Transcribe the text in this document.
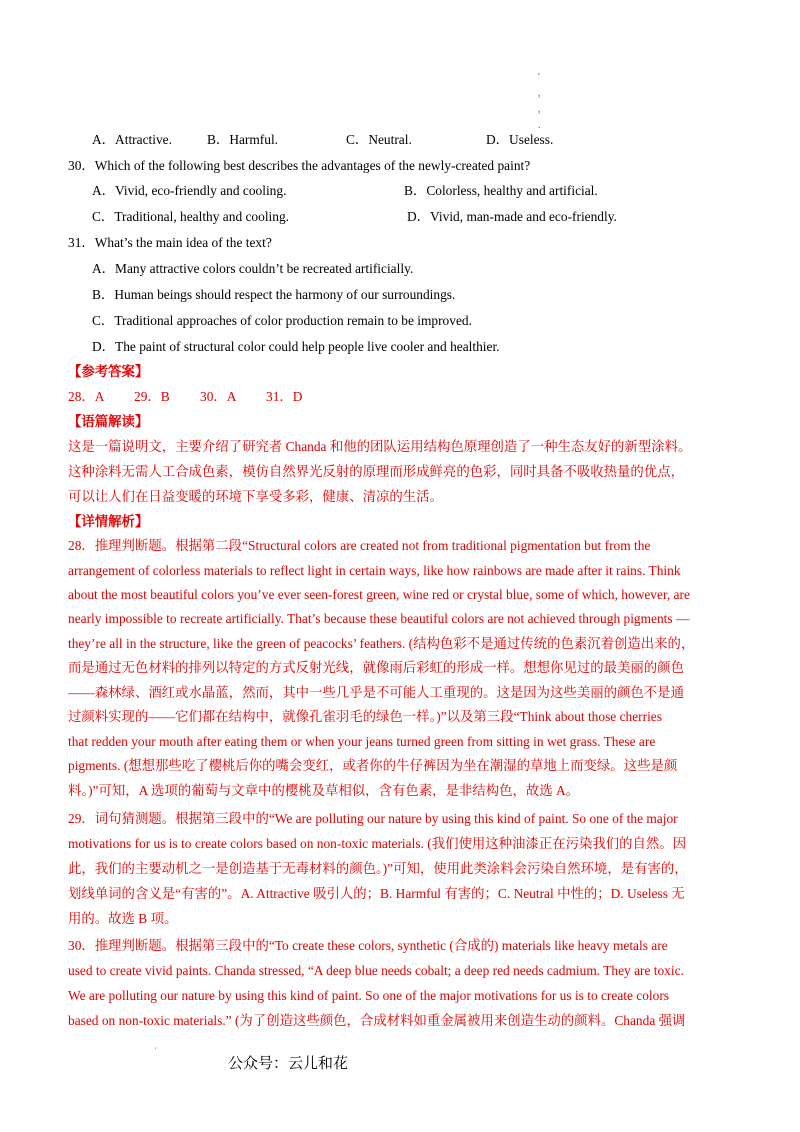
'
,
,
.
A．Attractive.	B．Harmful.	C．Neutral.	D．Useless.
30．Which of the following best describes the advantages of the newly-created paint?
A．Vivid, eco-friendly and cooling.	B．Colorless, healthy and artificial.
C．Traditional, healthy and cooling.	D．Vivid, man-made and eco-friendly.
31．What’s the main idea of the text?
A．Many attractive colors couldn’t be recreated artificially.
B．Human beings should respect the harmony of our surroundings.
C．Traditional approaches of color production remain to be improved.
D．The paint of structural color could help people live cooler and healthier.
【参考答案】
28．A 29．B 30．A 31．D
【语篇解读】
这是一篇说明文，主要介绍了研究者 Chanda 和他的团队运用结构色原理创造了一种生态友好的新型涂料。
这种涂料无需人工合成色素，模仿自然界光反射的原理而形成鲜亮的色彩，同时具备不吸收热量的优点，
可以让人们在日益变暖的环境下享受多彩，健康、清凉的生活。
【详情解析】
28．推理判断题。根据第二段“Structural colors are created not from traditional pigmentation but from the
arrangement of colorless materials to reflect light in certain ways, like how rainbows are made after it rains. Think
about the most beautiful colors you’ve ever seen-forest green, wine red or crystal blue, some of which, however, are
nearly impossible to recreate artificially. That’s because these beautiful colors are not achieved through pigments —
they’re all in the structure, like the green of peacocks’ feathers. (结构色彩不是通过传统的色素沉着创造出来的，
而是通过无色材料的排列以特定的方式反射光线，就像雨后彩虹的形成一样。想想你见过的最美丽的颜色
——森林绿、酒红或水晶蓝，然而，其中一些几乎是不可能人工重现的。这是因为这些美丽的颜色不是通
过颜料实现的——它们都在结构中，就像孔雀羽毛的绿色一样。)”以及第三段“Think about those cherries
that redden your mouth after eating them or when your jeans turned green from sitting in wet grass. These are
pigments. (想想那些吃了樱桃后你的嘴会变红，或者你的牛仔裤因为坐在潮湿的草地上而变绿。这些是颜
料。)”可知，A 选项的葡萄与文章中的樱桃及草相似，含有色素，是非结构色，故选 A。
29．词句猜测题。根据第三段中的“We are polluting our nature by using this kind of paint. So one of the major
motivations for us is to create colors based on non-toxic materials. (我们使用这种油漆正在污染我们的自然。因
此，我们的主要动机之一是创造基于无毒材料的颜色。)”可知，使用此类涂料会污染自然环境，是有害的，
划线单词的含义是“有害的”。A. Attractive 吸引人的；B. Harmful 有害的；C. Neutral 中性的；D. Useless 无
用的。故选 B 项。
30．推理判断题。根据第三段中的“To create these colors, synthetic (合成的) materials like heavy metals are
used to create vivid paints. Chanda stressed, “A deep blue needs cobalt; a deep red needs cadmium. They are toxic.
We are polluting our nature by using this kind of paint. So one of the major motivations for us is to create colors
based on non-toxic materials.” (为了创造这些颜色，合成材料如重金属被用来创造生动的颜料。Chanda 强调
'
公众号：云儿和花
